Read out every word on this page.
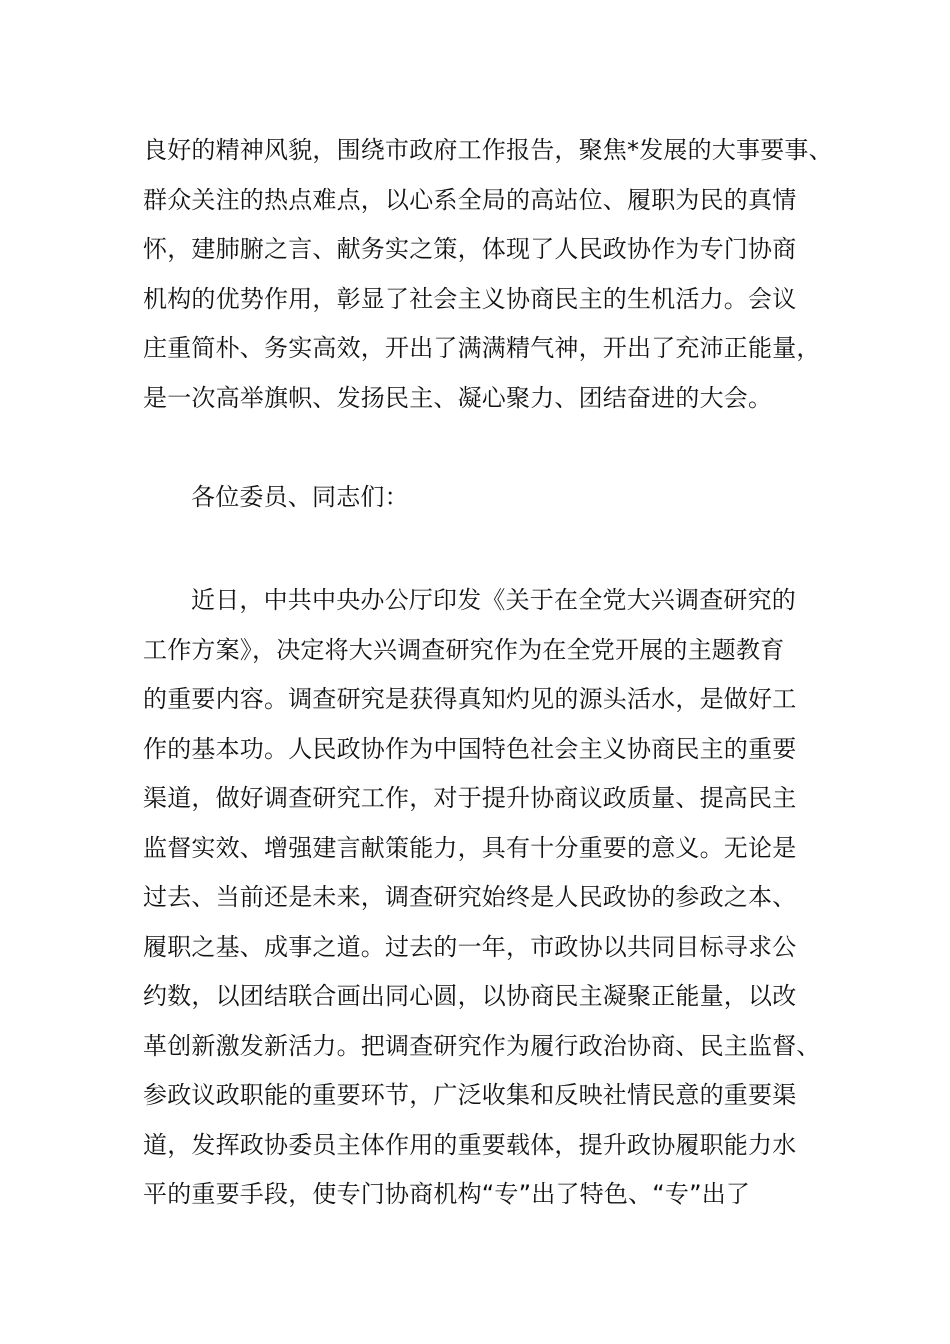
良好的精神风貌，围绕市政府工作报告，聚焦*发展的大事要事、
群众关注的热点难点，以心系全局的高站位、履职为民的真情
怀，建肺腑之言、献务实之策，体现了人民政协作为专门协商
机构的优势作用，彰显了社会主义协商民主的生机活力。会议
庄重简朴、务实高效，开出了满满精气神，开出了充沛正能量，
是一次高举旗帜、发扬民主、凝心聚力、团结奋进的大会。
各位委员、同志们：
近日，中共中央办公厅印发《关于在全党大兴调查研究的
工作方案》，决定将大兴调查研究作为在全党开展的主题教育
的重要内容。调查研究是获得真知灼见的源头活水，是做好工
作的基本功。人民政协作为中国特色社会主义协商民主的重要
渠道，做好调查研究工作，对于提升协商议政质量、提高民主
监督实效、增强建言献策能力，具有十分重要的意义。无论是
过去、当前还是未来，调查研究始终是人民政协的参政之本、
履职之基、成事之道。过去的一年，市政协以共同目标寻求公
约数，以团结联合画出同心圆，以协商民主凝聚正能量，以改
革创新激发新活力。把调查研究作为履行政治协商、民主监督、
参政议政职能的重要环节，广泛收集和反映社情民意的重要渠
道，发挥政协委员主体作用的重要载体，提升政协履职能力水
平的重要手段，使专门协商机构“专”出了特色、“专”出了
